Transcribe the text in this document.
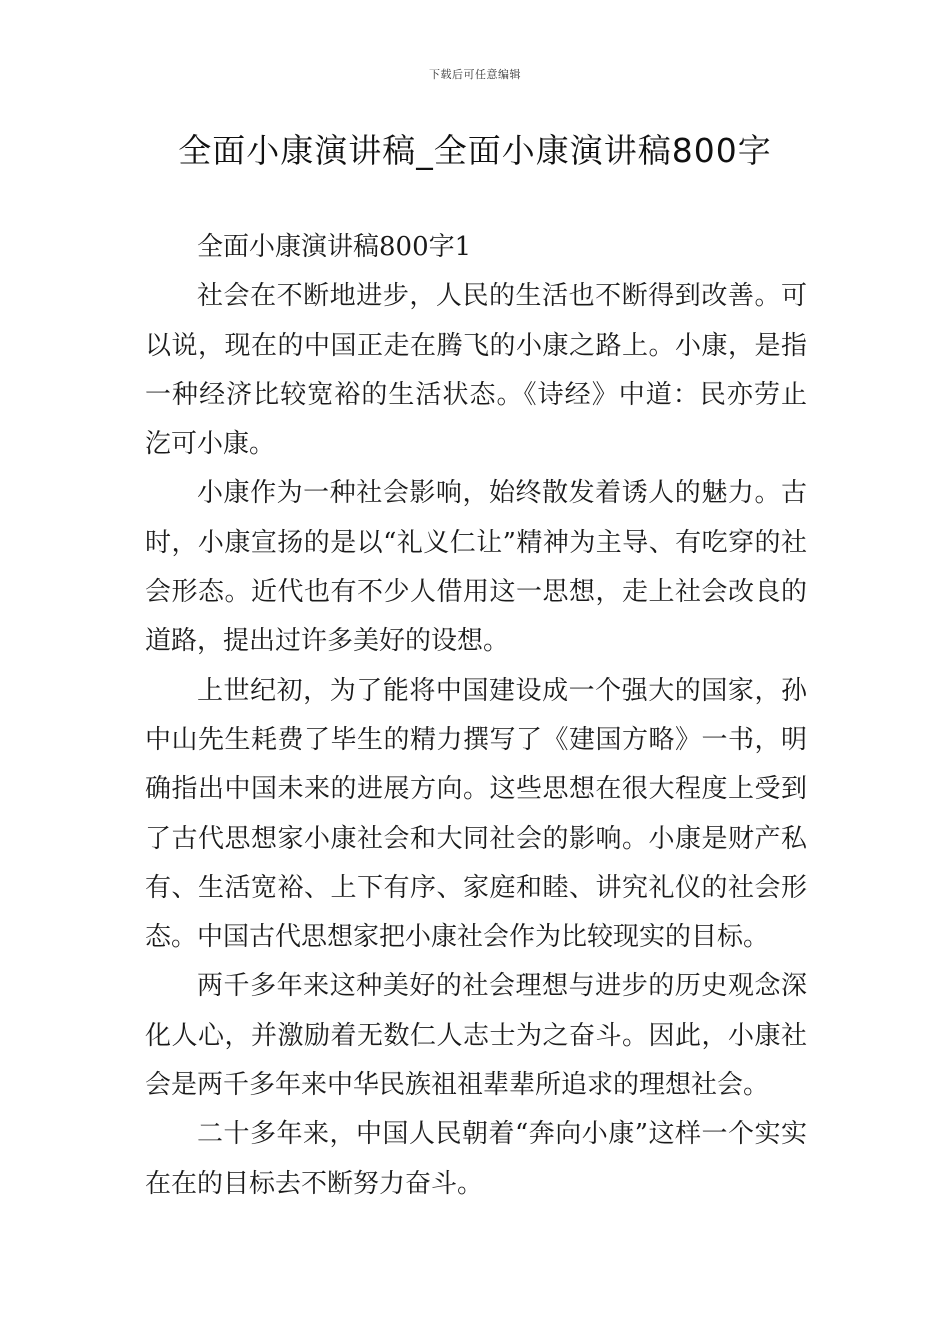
下载后可任意编辑
全面小康演讲稿_全面小康演讲稿800字

全面小康演讲稿800字1

社会在不断地进步，人民的生活也不断得到改善。可以说，现在的中国正走在腾飞的小康之路上。小康，是指一种经济比较宽裕的生活状态。《诗经》中道：民亦劳止汔可小康。

小康作为一种社会影响，始终散发着诱人的魅力。古时，小康宣扬的是以“礼义仁让”精神为主导、有吃穿的社会形态。近代也有不少人借用这一思想，走上社会改良的道路，提出过许多美好的设想。

上世纪初，为了能将中国建设成一个强大的国家，孙中山先生耗费了毕生的精力撰写了《建国方略》一书，明确指出中国未来的进展方向。这些思想在很大程度上受到了古代思想家小康社会和大同社会的影响。小康是财产私有、生活宽裕、上下有序、家庭和睦、讲究礼仪的社会形态。中国古代思想家把小康社会作为比较现实的目标。

两千多年来这种美好的社会理想与进步的历史观念深化人心，并激励着无数仁人志士为之奋斗。因此，小康社会是两千多年来中华民族祖祖辈辈所追求的理想社会。

二十多年来，中国人民朝着“奔向小康”这样一个实实在在的目标去不断努力奋斗。
